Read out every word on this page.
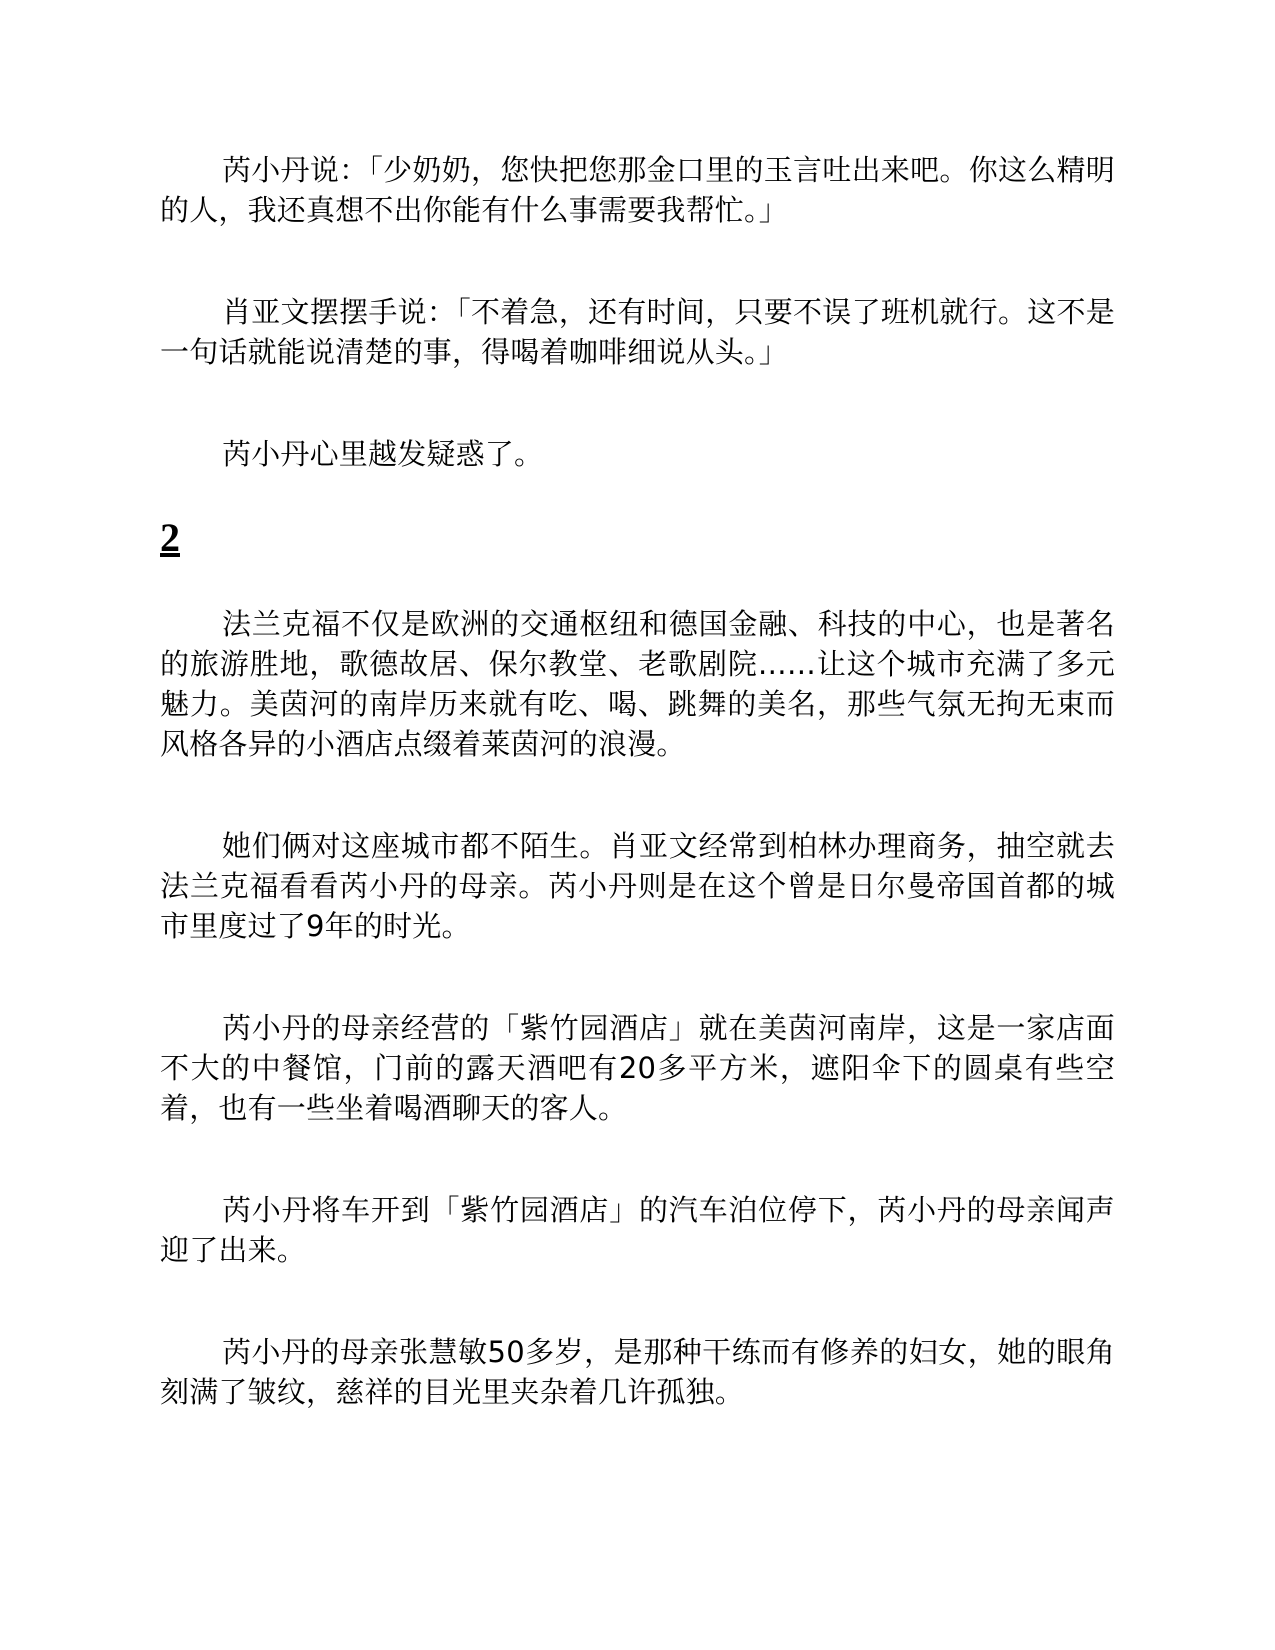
芮小丹说：「少奶奶，您快把您那金口里的玉言吐出来吧。你这么精明的人，我还真想不出你能有什么事需要我帮忙。」

肖亚文摆摆手说：「不着急，还有时间，只要不误了班机就行。这不是一句话就能说清楚的事，得喝着咖啡细说从头。」

芮小丹心里越发疑惑了。

2

法兰克福不仅是欧洲的交通枢纽和德国金融、科技的中心，也是著名的旅游胜地，歌德故居、保尔教堂、老歌剧院……让这个城市充满了多元魅力。美茵河的南岸历来就有吃、喝、跳舞的美名，那些气氛无拘无束而风格各异的小酒店点缀着莱茵河的浪漫。

她们俩对这座城市都不陌生。肖亚文经常到柏林办理商务，抽空就去法兰克福看看芮小丹的母亲。芮小丹则是在这个曾是日尔曼帝国首都的城市里度过了9年的时光。

芮小丹的母亲经营的「紫竹园酒店」就在美茵河南岸，这是一家店面不大的中餐馆，门前的露天酒吧有20多平方米，遮阳伞下的圆桌有些空着，也有一些坐着喝酒聊天的客人。

芮小丹将车开到「紫竹园酒店」的汽车泊位停下，芮小丹的母亲闻声迎了出来。

芮小丹的母亲张慧敏50多岁，是那种干练而有修养的妇女，她的眼角刻满了皱纹，慈祥的目光里夹杂着几许孤独。
